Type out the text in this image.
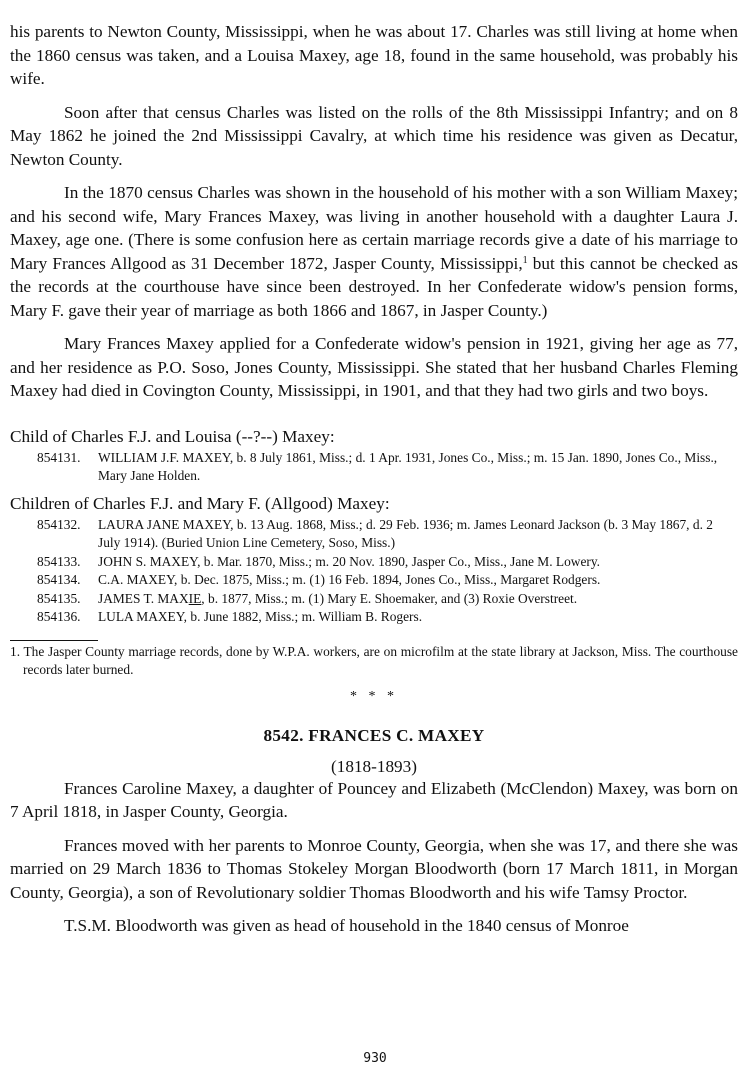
his parents to Newton County, Mississippi, when he was about 17. Charles was still living at home when the 1860 census was taken, and a Louisa Maxey, age 18, found in the same household, was probably his wife.

Soon after that census Charles was listed on the rolls of the 8th Mississippi Infantry; and on 8 May 1862 he joined the 2nd Mississippi Cavalry, at which time his residence was given as Decatur, Newton County.

In the 1870 census Charles was shown in the household of his mother with a son William Maxey; and his second wife, Mary Frances Maxey, was living in another household with a daughter Laura J. Maxey, age one. (There is some confusion here as certain marriage records give a date of his marriage to Mary Frances Allgood as 31 December 1872, Jasper County, Mississippi,$^1$ but this cannot be checked as the records at the courthouse have since been destroyed. In her Confederate widow's pension forms, Mary F. gave their year of marriage as both 1866 and 1867, in Jasper County.)

Mary Frances Maxey applied for a Confederate widow's pension in 1921, giving her age as 77, and her residence as P.O. Soso, Jones County, Mississippi. She stated that her husband Charles Fleming Maxey had died in Covington County, Mississippi, in 1901, and that they had two girls and two boys.

Child of Charles F.J. and Louisa (--?--) Maxey:
854131.	WILLIAM J.F. MAXEY, b. 8 July 1861, Miss.; d. 1 Apr. 1931, Jones Co., Miss.; m. 15 Jan. 1890, Jones Co., Miss., Mary Jane Holden.
Children of Charles F.J. and Mary F. (Allgood) Maxey:
854132.	LAURA JANE MAXEY, b. 13 Aug. 1868, Miss.; d. 29 Feb. 1936; m. James Leonard Jackson (b. 3 May 1867, d. 2 July 1914). (Buried Union Line Cemetery, Soso, Miss.)
854133.	JOHN S. MAXEY, b. Mar. 1870, Miss.; m. 20 Nov. 1890, Jasper Co., Miss., Jane M. Lowery.
854134.	C.A. MAXEY, b. Dec. 1875, Miss.; m. (1) 16 Feb. 1894, Jones Co., Miss., Margaret Rodgers.
854135.	JAMES T. MAXIE, b. 1877, Miss.; m. (1) Mary E. Shoemaker, and (3) Roxie Overstreet.
854136.	LULA MAXEY, b. June 1882, Miss.; m. William B. Rogers.
1. The Jasper County marriage records, done by W.P.A. workers, are on microfilm at the state library at Jackson, Miss. The courthouse records later burned.
* * *
8542. FRANCES C. MAXEY
(1818-1893)

Frances Caroline Maxey, a daughter of Pouncey and Elizabeth (McClendon) Maxey, was born on 7 April 1818, in Jasper County, Georgia.

Frances moved with her parents to Monroe County, Georgia, when she was 17, and there she was married on 29 March 1836 to Thomas Stokeley Morgan Bloodworth (born 17 March 1811, in Morgan County, Georgia), a son of Revolutionary soldier Thomas Bloodworth and his wife Tamsy Proctor.

T.S.M. Bloodworth was given as head of household in the 1840 census of Monroe

930
